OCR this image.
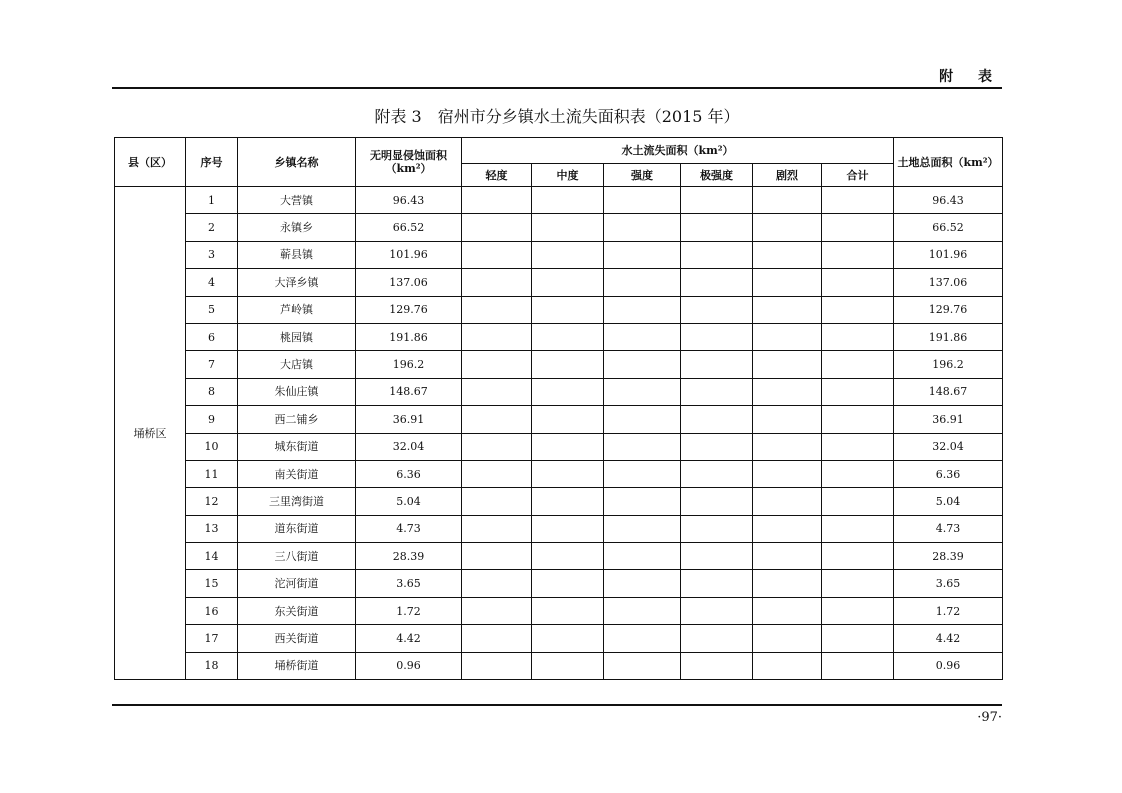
附 表
附表 3　宿州市分乡镇水土流失面积表（2015 年）
县（区）	序号	乡镇名称	无明显侵蚀面积（km²）	水土流失面积（km²）						土地总面积（km²）
				轻度	中度	强度	极强度	剧烈	合计	
埇桥区	1	大营镇	96.43							96.43
	2	永镇乡	66.52							66.52
	3	蕲县镇	101.96							101.96
	4	大泽乡镇	137.06							137.06
	5	芦岭镇	129.76							129.76
	6	桃园镇	191.86							191.86
	7	大店镇	196.2							196.2
	8	朱仙庄镇	148.67							148.67
	9	西二铺乡	36.91							36.91
	10	城东街道	32.04							32.04
	11	南关街道	6.36							6.36
	12	三里湾街道	5.04							5.04
	13	道东街道	4.73							4.73
	14	三八街道	28.39							28.39
	15	沱河街道	3.65							3.65
	16	东关街道	1.72							1.72
	17	西关街道	4.42							4.42
	18	埇桥街道	0.96							0.96
·97·
